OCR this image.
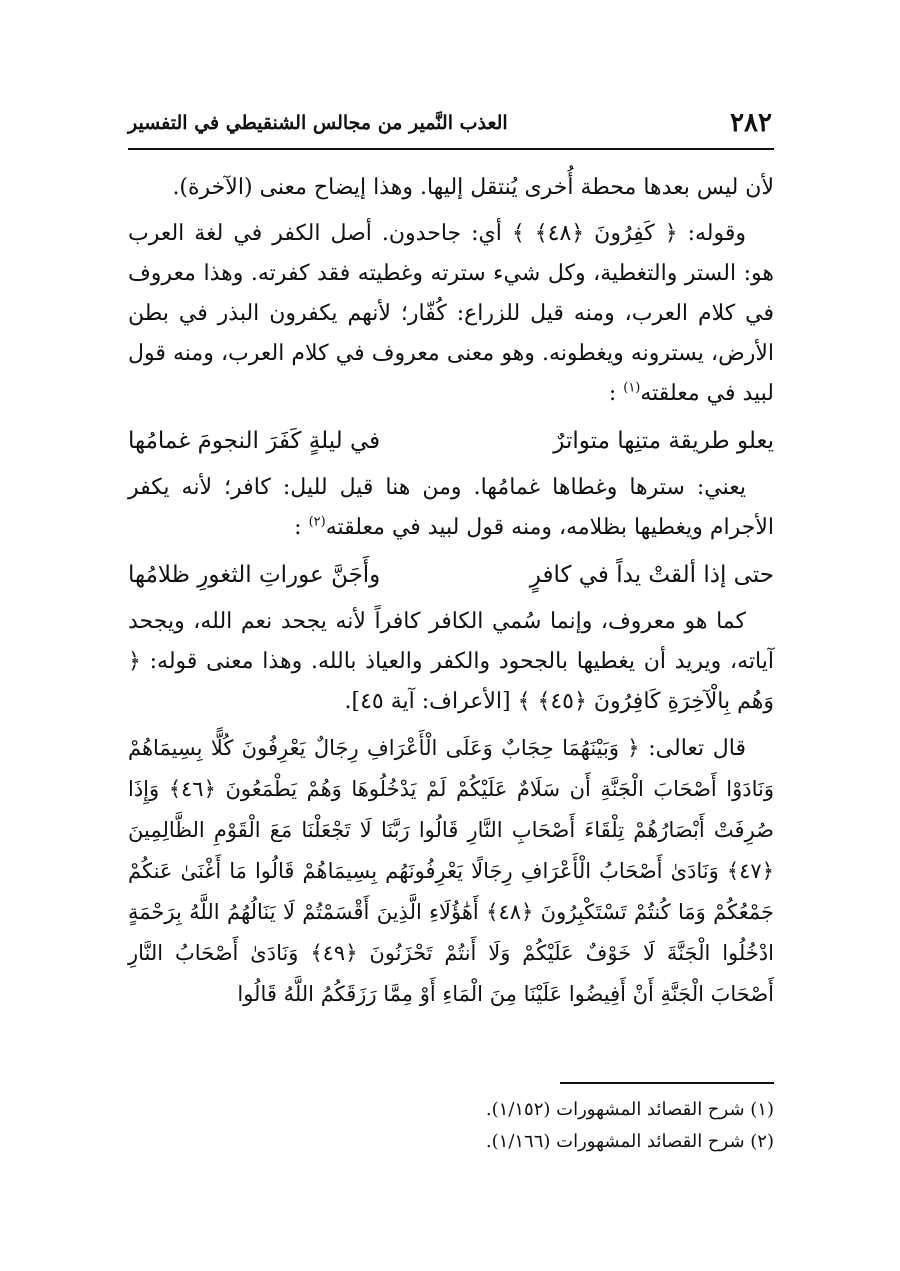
٢٨٢
العذب النَّمير من مجالس الشنقيطي في التفسير

لأن ليس بعدها محطة أُخرى يُنتقل إليها. وهذا إيضاح معنى (الآخرة).

وقوله: ﴿ كَفِرُونَ ﴿٤٨﴾ ﴾ أي: جاحدون. أصل الكفر في لغة العرب هو: الستر والتغطية، وكل شيء سترته وغطيته فقد كفرته. وهذا معروف في كلام العرب، ومنه قيل للزراع: كُفّار؛ لأنهم يكفرون البذر في بطن الأرض، يسترونه ويغطونه. وهو معنى معروف في كلام العرب، ومنه قول لبيد في معلقته$^{(١)}$ :

يعلو طريقة متنِها متواترٌ
في ليلةٍ كَفَرَ النجومَ غمامُها

يعني: سترها وغطاها غمامُها. ومن هنا قيل لليل: كافر؛ لأنه يكفر الأجرام ويغطيها بظلامه، ومنه قول لبيد في معلقته$^{(٢)}$ :

حتى إذا ألقتْ يداً في كافرٍ
وأَجَنَّ عوراتِ الثغورِ ظلامُها

كما هو معروف، وإنما سُمي الكافر كافراً لأنه يجحد نعم الله، ويجحد آياته، ويريد أن يغطيها بالجحود والكفر والعياذ بالله. وهذا معنى قوله: ﴿ وَهُم بِالْآخِرَةِ كَافِرُونَ ﴿٤٥﴾ ﴾ [الأعراف: آية ٤٥].

قال تعالى: ﴿ وَبَيْنَهُمَا حِجَابٌ وَعَلَى الْأَعْرَافِ رِجَالٌ يَعْرِفُونَ كُلًّا بِسِيمَاهُمْ وَنَادَوْا أَصْحَابَ الْجَنَّةِ أَن سَلَامٌ عَلَيْكُمْ لَمْ يَدْخُلُوهَا وَهُمْ يَطْمَعُونَ ﴿٤٦﴾ وَإِذَا صُرِفَتْ أَبْصَارُهُمْ تِلْقَاءَ أَصْحَابِ النَّارِ قَالُوا رَبَّنَا لَا تَجْعَلْنَا مَعَ الْقَوْمِ الظَّالِمِينَ ﴿٤٧﴾ وَنَادَىٰ أَصْحَابُ الْأَعْرَافِ رِجَالًا يَعْرِفُونَهُم بِسِيمَاهُمْ قَالُوا مَا أَغْنَىٰ عَنكُمْ جَمْعُكُمْ وَمَا كُنتُمْ تَسْتَكْبِرُونَ ﴿٤٨﴾ أَهَٰؤُلَاءِ الَّذِينَ أَقْسَمْتُمْ لَا يَنَالُهُمُ اللَّهُ بِرَحْمَةٍ ادْخُلُوا الْجَنَّةَ لَا خَوْفٌ عَلَيْكُمْ وَلَا أَنتُمْ تَحْزَنُونَ ﴿٤٩﴾ وَنَادَىٰ أَصْحَابُ النَّارِ أَصْحَابَ الْجَنَّةِ أَنْ أَفِيضُوا عَلَيْنَا مِنَ الْمَاءِ أَوْ مِمَّا رَزَقَكُمُ اللَّهُ قَالُوا

(١) شرح القصائد المشهورات (١/١٥٢).

(٢) شرح القصائد المشهورات (١/١٦٦).
